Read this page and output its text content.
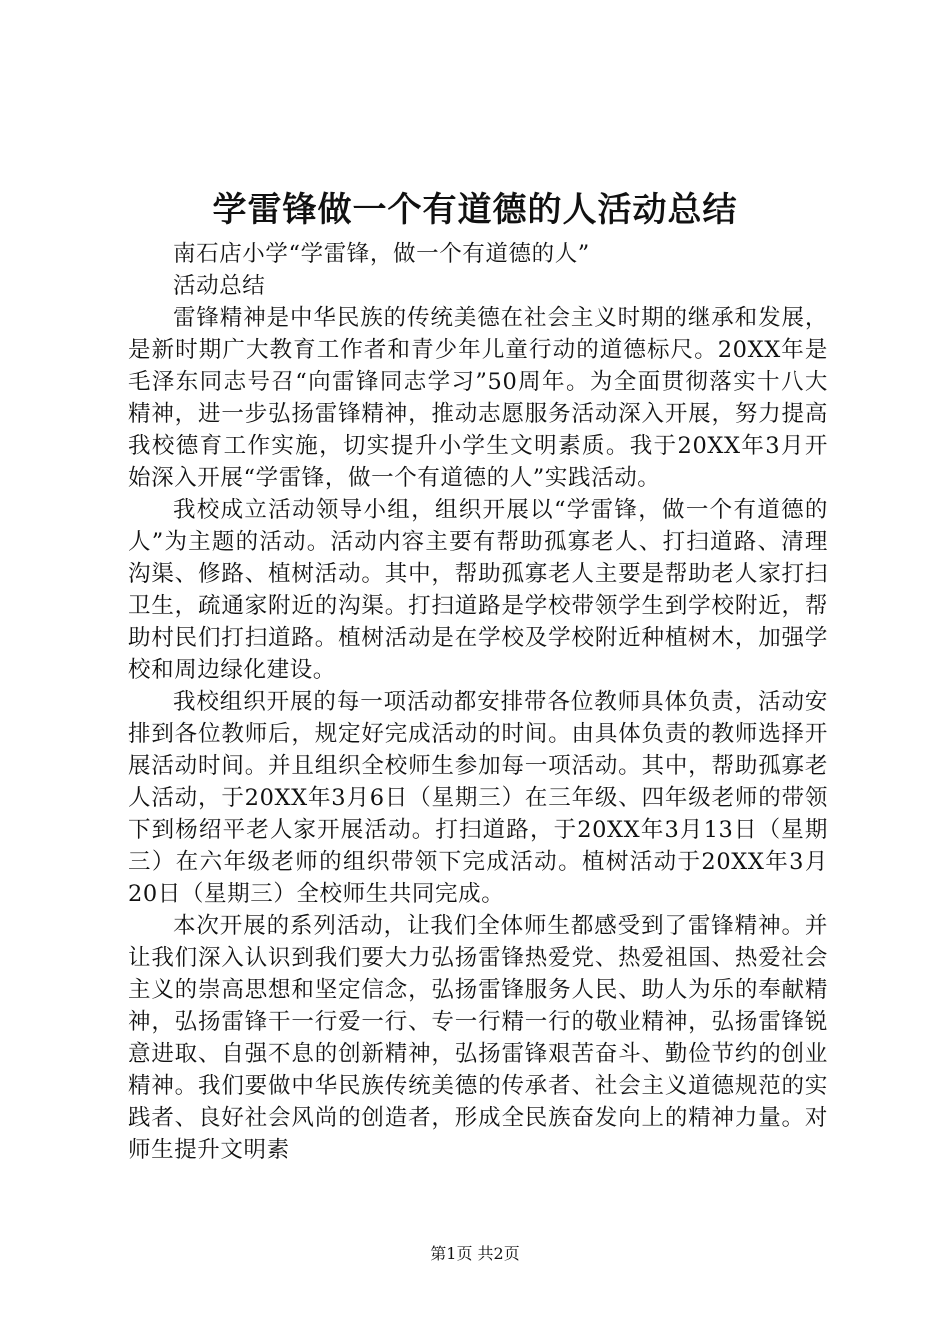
学雷锋做一个有道德的人活动总结

南石店小学“学雷锋，做一个有道德的人”

活动总结

雷锋精神是中华民族的传统美德在社会主义时期的继承和发展，是新时期广大教育工作者和青少年儿童行动的道德标尺。20XX年是毛泽东同志号召“向雷锋同志学习”50周年。为全面贯彻落实十八大精神，进一步弘扬雷锋精神，推动志愿服务活动深入开展，努力提高我校德育工作实施，切实提升小学生文明素质。我于20XX年3月开始深入开展“学雷锋，做一个有道德的人”实践活动。

我校成立活动领导小组，组织开展以“学雷锋，做一个有道德的人”为主题的活动。活动内容主要有帮助孤寡老人、打扫道路、清理沟渠、修路、植树活动。其中，帮助孤寡老人主要是帮助老人家打扫卫生，疏通家附近的沟渠。打扫道路是学校带领学生到学校附近，帮助村民们打扫道路。植树活动是在学校及学校附近种植树木，加强学校和周边绿化建设。

我校组织开展的每一项活动都安排带各位教师具体负责，活动安排到各位教师后，规定好完成活动的时间。由具体负责的教师选择开展活动时间。并且组织全校师生参加每一项活动。其中，帮助孤寡老人活动，于20XX年3月6日（星期三）在三年级、四年级老师的带领下到杨绍平老人家开展活动。打扫道路，于20XX年3月13日（星期三）在六年级老师的组织带领下完成活动。植树活动于20XX年3月20日（星期三）全校师生共同完成。

本次开展的系列活动，让我们全体师生都感受到了雷锋精神。并让我们深入认识到我们要大力弘扬雷锋热爱党、热爱祖国、热爱社会主义的崇高思想和坚定信念，弘扬雷锋服务人民、助人为乐的奉献精神，弘扬雷锋干一行爱一行、专一行精一行的敬业精神，弘扬雷锋锐意进取、自强不息的创新精神，弘扬雷锋艰苦奋斗、勤俭节约的创业精神。我们要做中华民族传统美德的传承者、社会主义道德规范的实践者、良好社会风尚的创造者，形成全民族奋发向上的精神力量。对师生提升文明素

第1页 共2页
